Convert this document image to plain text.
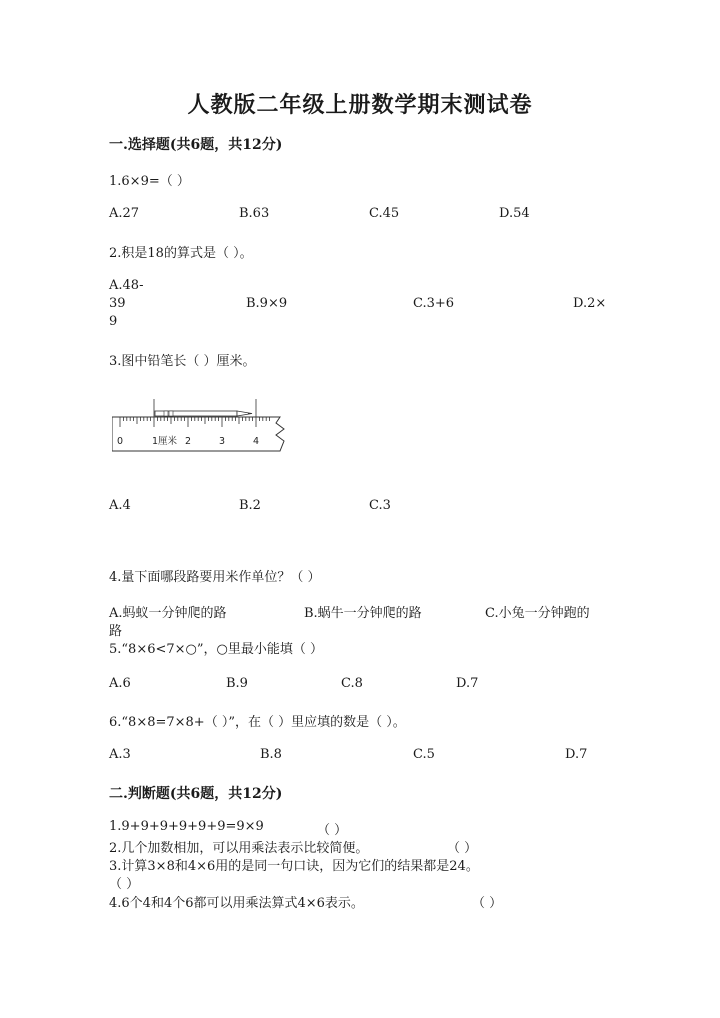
人教版二年级上册数学期末测试卷
一.选择题(共6题，共12分)
1.6×9=（ ）
A.27	B.63	C.45	D.54
2.积是18的算式是（ ）。
A.48-
39	B.9×9	C.3+6	D.2×
9
3.图中铅笔长（ ）厘米。
0	1厘米 2	3	4
A.4	B.2	C.3
4.量下面哪段路要用米作单位？（ ）
A.蚂蚁一分钟爬的路	B.蜗牛一分钟爬的路	C.小兔一分钟跑的
路
5.“8×6<7×○”，○里最小能填（ ）
A.6	B.9	C.8	D.7
6.“8×8=7×8+（ ）”，在（ ）里应填的数是（ ）。
A.3	B.8	C.5	D.7
二.判断题(共6题，共12分)
1.9+9+9+9+9+9=9×9	（ ）
2.几个加数相加，可以用乘法表示比较简便。	（ ）
3.计算3×8和4×6用的是同一句口诀，因为它们的结果都是24。
（ ）
4.6个4和4个6都可以用乘法算式4×6表示。	（ ）
